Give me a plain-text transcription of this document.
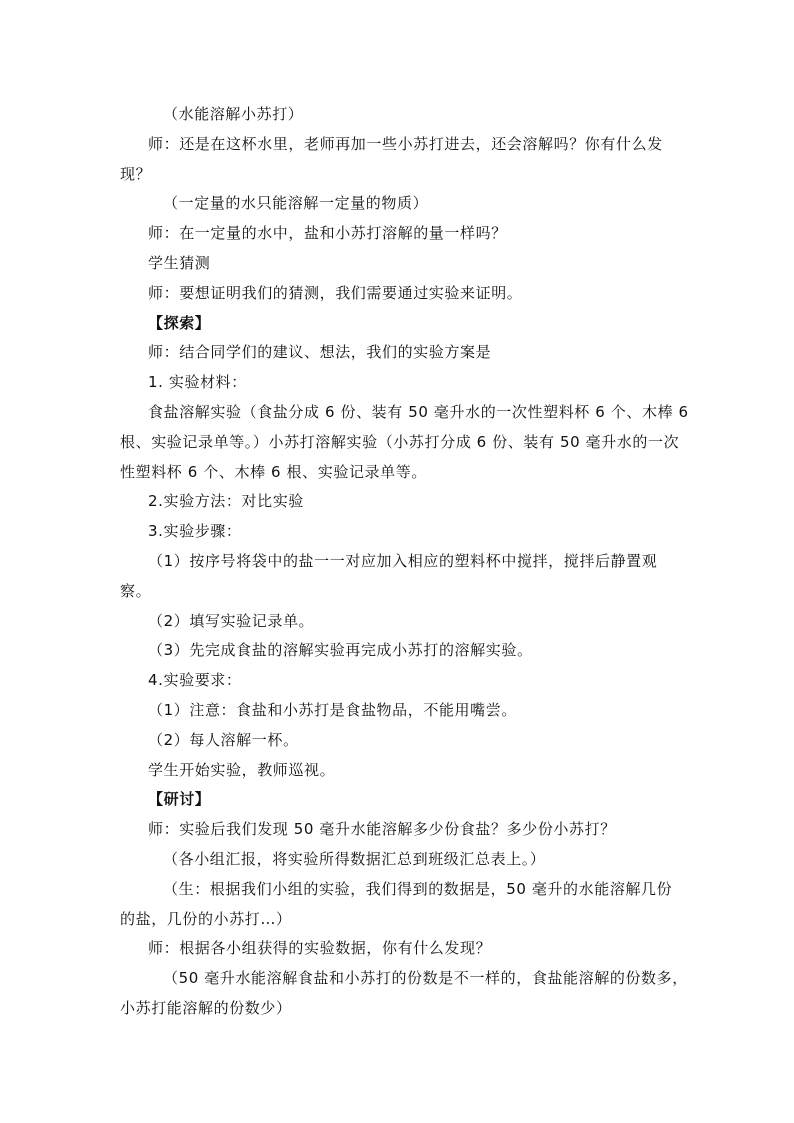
（水能溶解小苏打）
师：还是在这杯水里，老师再加一些小苏打进去，还会溶解吗？你有什么发
现？
（一定量的水只能溶解一定量的物质）
师：在一定量的水中，盐和小苏打溶解的量一样吗？
学生猜测
师：要想证明我们的猜测，我们需要通过实验来证明。
【探索】
师：结合同学们的建议、想法，我们的实验方案是
1. 实验材料：
食盐溶解实验（食盐分成 6 份、装有 50 毫升水的一次性塑料杯 6 个、木棒 6
根、实验记录单等。）小苏打溶解实验（小苏打分成 6 份、装有 50 毫升水的一次
性塑料杯 6 个、木棒 6 根、实验记录单等。
2.实验方法：对比实验
3.实验步骤：
（1）按序号将袋中的盐一一对应加入相应的塑料杯中搅拌，搅拌后静置观
察。
（2）填写实验记录单。
（3）先完成食盐的溶解实验再完成小苏打的溶解实验。
4.实验要求：
（1）注意：食盐和小苏打是食盐物品，不能用嘴尝。
（2）每人溶解一杯。
学生开始实验，教师巡视。
【研讨】
师：实验后我们发现 50 毫升水能溶解多少份食盐？多少份小苏打？
（各小组汇报，将实验所得数据汇总到班级汇总表上。）
（生：根据我们小组的实验，我们得到的数据是，50 毫升的水能溶解几份
的盐，几份的小苏打…）
师：根据各小组获得的实验数据，你有什么发现？
（50 毫升水能溶解食盐和小苏打的份数是不一样的，食盐能溶解的份数多，
小苏打能溶解的份数少）
